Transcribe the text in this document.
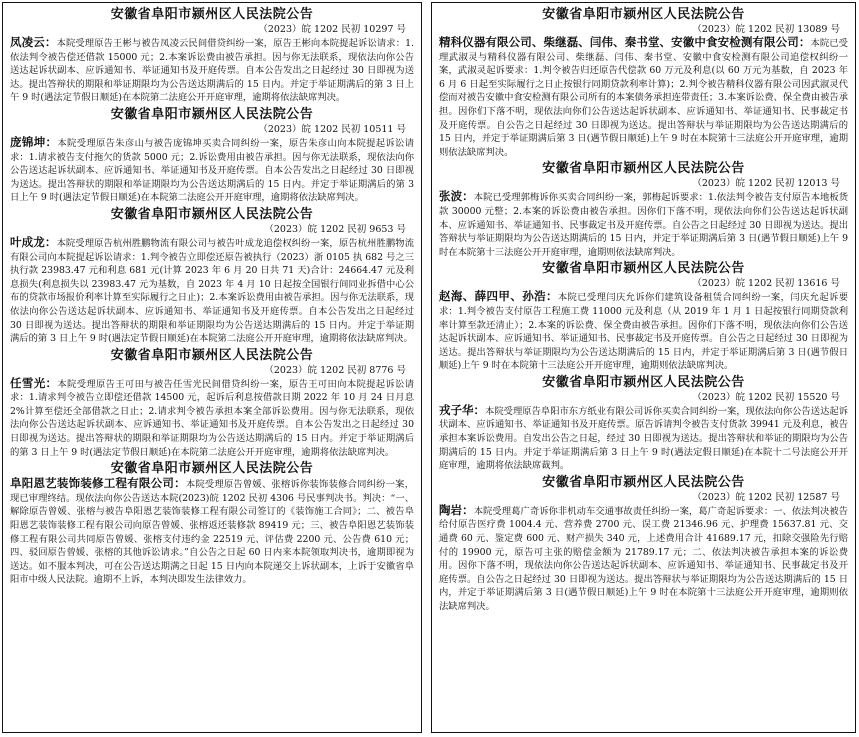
安徽省阜阳市颍州区人民法院公告
（2023）皖 1202 民初 10297 号

凤凌云：本院受理原告王彬与被告凤凌云民间借贷纠纷一案，原告王彬向本院提起诉讼请求：1.依法判令被告偿还借款 15000 元；2.本案诉讼费由被告承担。因与你无法联系，现依法向你公告送达起诉状副本、应诉通知书、举证通知书及开庭传票。自本公告发出之日起经过 30 日即视为送达。提出答辩状的期限和举证期限均为公告送达期满后的 15 日内。并定于举证期满后的第 3 日上午 9 时(遇法定节假日顺延)在本院第二法庭公开开庭审理，逾期将依法缺席判决。

安徽省阜阳市颍州区人民法院公告
（2023）皖 1202 民初 10511 号

庞锦坤：本院受理原告朱彦山与被告庞锦坤买卖合同纠纷一案，原告朱彦山向本院提起诉讼请求：1.请求被告支付拖欠的货款 5000 元；2.诉讼费用由被告承担。因与你无法联系，现依法向你公告送达起诉状副本、应诉通知书、举证通知书及开庭传票。自本公告发出之日起经过 30 日即视为送达。提出答辩状的期限和举证期限均为公告送达期满后的 15 日内。并定于举证期满后的第 3 日上午 9 时(遇法定节假日顺延)在本院第二法庭公开开庭审理，逾期将依法缺席判决。

安徽省阜阳市颍州区人民法院公告
（2023）皖 1202 民初 9653 号

叶成龙：本院受理原告杭州胜鹏物流有限公司与被告叶成龙追偿权纠纷一案，原告杭州胜鹏物流有限公司向本院提起诉讼请求：1.判令被告立即偿还原告被执行（2023）浙 0105 执 682 号之三执行款 23983.47 元和利息 681 元(计算 2023 年 6 月 20 日共 71 天)合计：24664.47 元及利息损失(利息损失以 23983.47 元为基数，自 2023 年 4 月 10 日起按全国银行间同业拆借中心公布的贷款市场报价利率计算至实际履行之日止)；2.本案诉讼费用由被告承担。因与你无法联系，现依法向你公告送达起诉状副本、应诉通知书、举证通知书及开庭传票。自本公告发出之日起经过 30 日即视为送达。提出答辩状的期限和举证期限均为公告送达期满后的 15 日内。并定于举证期满后的第 3 日上午 9 时(遇法定节假日顺延)在本院第二法庭公开开庭审理，逾期将依法缺席判决。

安徽省阜阳市颍州区人民法院公告
（2023）皖 1202 民初 8776 号

任雪光：本院受理原告王可田与被告任雪光民间借贷纠纷一案，原告王可田向本院提起诉讼请求：1.请求判令被告立即偿还借款 14500 元，起诉后利息按借款日期 2022 年 10 月 24 日月息 2%计算至偿还全部借款之日止；2.请求判令被告承担本案全部诉讼费用。因与你无法联系，现依法向你公告送达起诉状副本、应诉通知书、举证通知书及开庭传票。自本公告发出之日起经过 30 日即视为送达。提出答辩状的期限和举证期限均为公告送达期满后的 15 日内。并定于举证期满后的第 3 日上午 9 时(遇法定节假日顺延)在本院第二法庭公开开庭审理，逾期将依法缺席判决。

安徽省阜阳市颍州区人民法院公告

阜阳恩艺装饰装修工程有限公司：本院受理原告曾媛、张榕诉你装饰装修合同纠纷一案，现已审理终结。现依法向你公告送达本院(2023)皖 1202 民初 4306 号民事判决书。判决：“一、解除原告曾媛、张榕与被告阜阳恩艺装饰装修工程有限公司签订的《装饰施工合同》；二、被告阜阳恩艺装饰装修工程有限公司向原告曾媛、张榕返还装修款 89419 元；三、被告阜阳恩艺装饰装修工程有限公司共同原告曾媛、张榕支付违约金 22519 元、评估费 2200 元、公告费 610 元；四、驳回原告曾媛、张榕的其他诉讼请求。”自公告之日起 60 日内来本院领取判决书，逾期即视为送达。如不服本判决，可在公告送达期满之日起 15 日内向本院递交上诉状副本，上诉于安徽省阜阳市中级人民法院。逾期不上诉，本判决即发生法律效力。

安徽省阜阳市颍州区人民法院公告
（2023）皖 1202 民初 13089 号

精科仪器有限公司、柴继磊、闫伟、秦书堂、安徽中食安检测有限公司：本院已受理武淑灵与精科仪器有限公司、柴继磊、闫伟、秦书堂、安徽中食安检测有限公司追偿权纠纷一案，武淑灵起诉要求：1.判令被告归还原告代偿款 60 万元及利息(以 60 万元为基数，自 2023 年 6 月 6 日起至实际履行之日止按银行同期贷款利率计算)；2.判令被告精科仪器有限公司因武淑灵代偿而对被告安徽中食安检测有限公司所有的本案债务承担连带责任；3.本案诉讼费、保全费由被告承担。因你们下落不明，现依法向你们公告送达起诉状副本、应诉通知书、举证通知书、民事裁定书及开庭传票。自公告之日起经过 30 日即视为送达。提出答辩状与举证期限均为公告送达期满后的 15 日内，并定于举证期满后第 3 日(遇节假日顺延)上午 9 时在本院第十三法庭公开开庭审理，逾期则依法缺席判决。

安徽省阜阳市颍州区人民法院公告
（2023）皖 1202 民初 12013 号

张波：本院已受理郭梅诉你买卖合同纠纷一案，郭梅起诉要求：1.依法判令被告支付原告本地板货款 30000 元整；2.本案的诉讼费由被告承担。因你们下落不明，现依法向你们公告送达起诉状副本、应诉通知书、举证通知书、民事裁定书及开庭传票。自公告之日起经过 30 日即视为送达。提出答辩状与举证期限均为公告送达期满后的 15 日内，并定于举证期满后第 3 日(遇节假日顺延)上午 9 时在本院第十三法庭公开开庭审理，逾期则依法缺席判决。

安徽省阜阳市颍州区人民法院公告
（2023）皖 1202 民初 13616 号

赵海、薛四甲、孙浩：本院已受理闫庆允诉你们建筑设备租赁合同纠纷一案，闫庆允起诉要求：1.判令被告支付原告工程施工费 11000 元及利息（从 2019 年 1 月 1 日起按银行同期贷款利率计算至款还清止）；2.本案的诉讼费、保全费由被告承担。因你们下落不明，现依法向你们公告送达起诉状副本、应诉通知书、举证通知书、民事裁定书及开庭传票。自公告之日起经过 30 日即视为送达。提出答辩状与举证期限均为公告送达期满后的 15 日内，并定于举证期满后第 3 日(遇节假日顺延)上午 9 时在本院第十三法庭公开开庭审理，逾期则依法缺席判决。

安徽省阜阳市颍州区人民法院公告
（2023）皖 1202 民初 15520 号

戎子华：本院受理原告阜阳市东方纸业有限公司诉你买卖合同纠纷一案，现依法向你公告送达起诉状副本、应诉通知书、举证通知书及开庭传票。原告诉请判令被告支付货款 39941 元及利息，被告承担本案诉讼费用。自发出公告之日起，经过 30 日即视为送达。提出答辩状和举证的期限均为公告期满后的 15 日内。并定于举证期满后第 3 日上午 9 时(遇法定假日顺延)在本院十二号法庭公开开庭审理，逾期将依法缺席裁判。

安徽省阜阳市颍州区人民法院公告
（2023）皖 1202 民初 12587 号

陶岩：本院受理葛广奇诉你非机动车交通事故责任纠纷一案，葛广奇起诉要求：一、依法判决被告给付原告医疗费 1004.4 元、营养费 2700 元、误工费 21346.96 元、护理费 15637.81 元、交通费 60 元、鉴定费 600 元、财产损失 340 元，上述费用合计 41689.17 元，扣除交强险先行赔付的 19900 元，原告可主张的赔偿金额为 21789.17 元；二、依法判决被告承担本案的诉讼费用。因你下落不明，现依法向你公告送达起诉状副本、应诉通知书、举证通知书、民事裁定书及开庭传票。自公告之日起经过 30 日即视为送达。提出答辩状与举证期限均为公告送达期满后的 15 日内，并定于举证期满后第 3 日(遇节假日顺延)上午 9 时在本院第十三法庭公开开庭审理，逾期则依法缺席判决。
